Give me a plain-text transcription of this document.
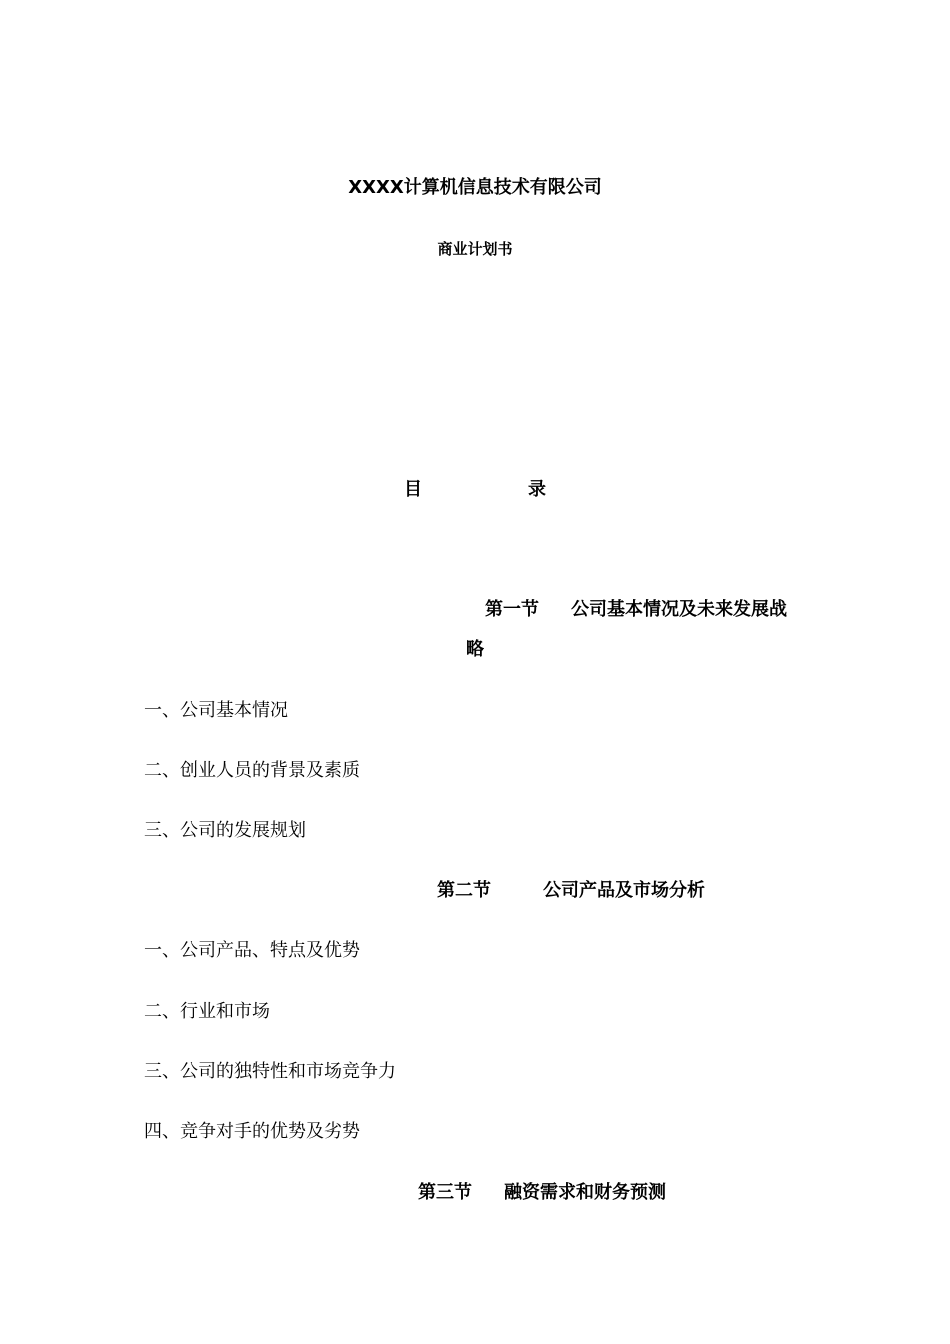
XXXX计算机信息技术有限公司
商业计划书
目	录
第一节 公司基本情况及未来发展战
略
一、公司基本情况
二、创业人员的背景及素质
三、公司的发展规划
第二节	公司产品及市场分析
一、公司产品、特点及优势
二、行业和市场
三、公司的独特性和市场竞争力
四、竞争对手的优势及劣势
第三节 融资需求和财务预测
